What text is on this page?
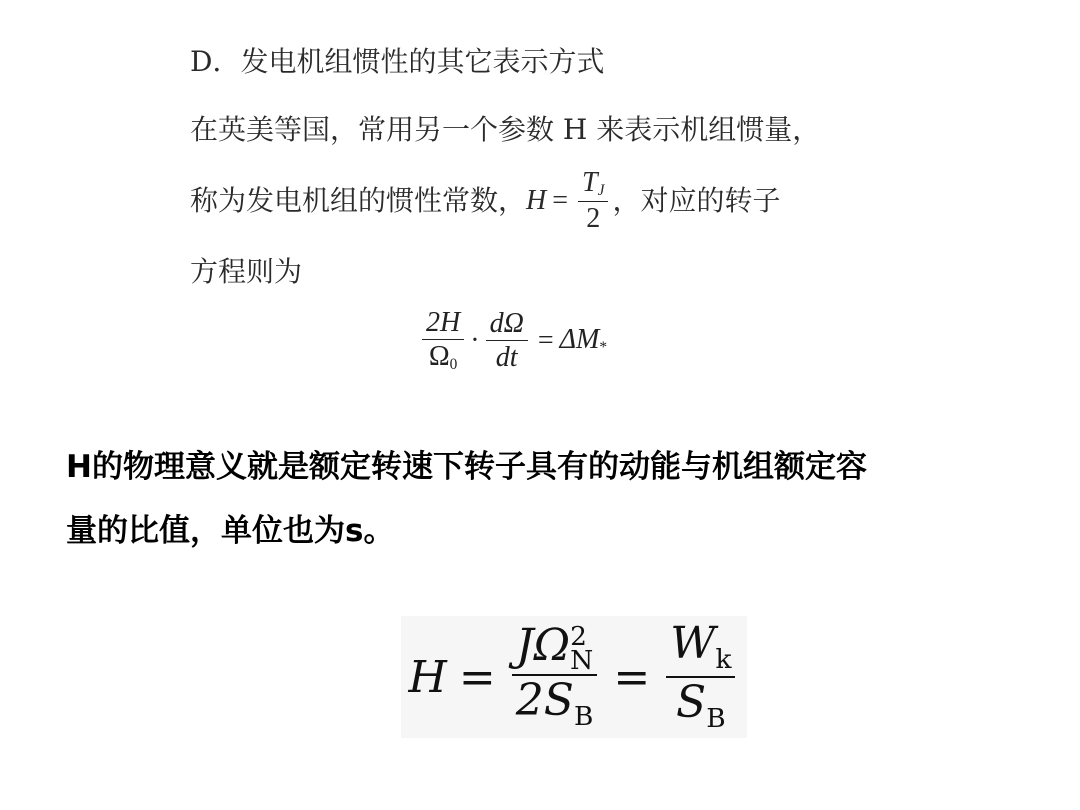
D．发电机组惯性的其它表示方式
在英美等国，常用另一个参数 H 来表示机组惯量，
称为发电机组的惯性常数， $H = \frac{T_J}{2}$ ，对应的转子
方程则为
$\frac{2H}{\Omega_0} \cdot \frac{d\Omega}{dt} = \Delta M_*$
H的物理意义就是额定转速下转子具有的动能与机组额定容
量的比值，单位也为s。
H = JΩ 2
N
$2S_B = \frac{W_k}{S_B}$
